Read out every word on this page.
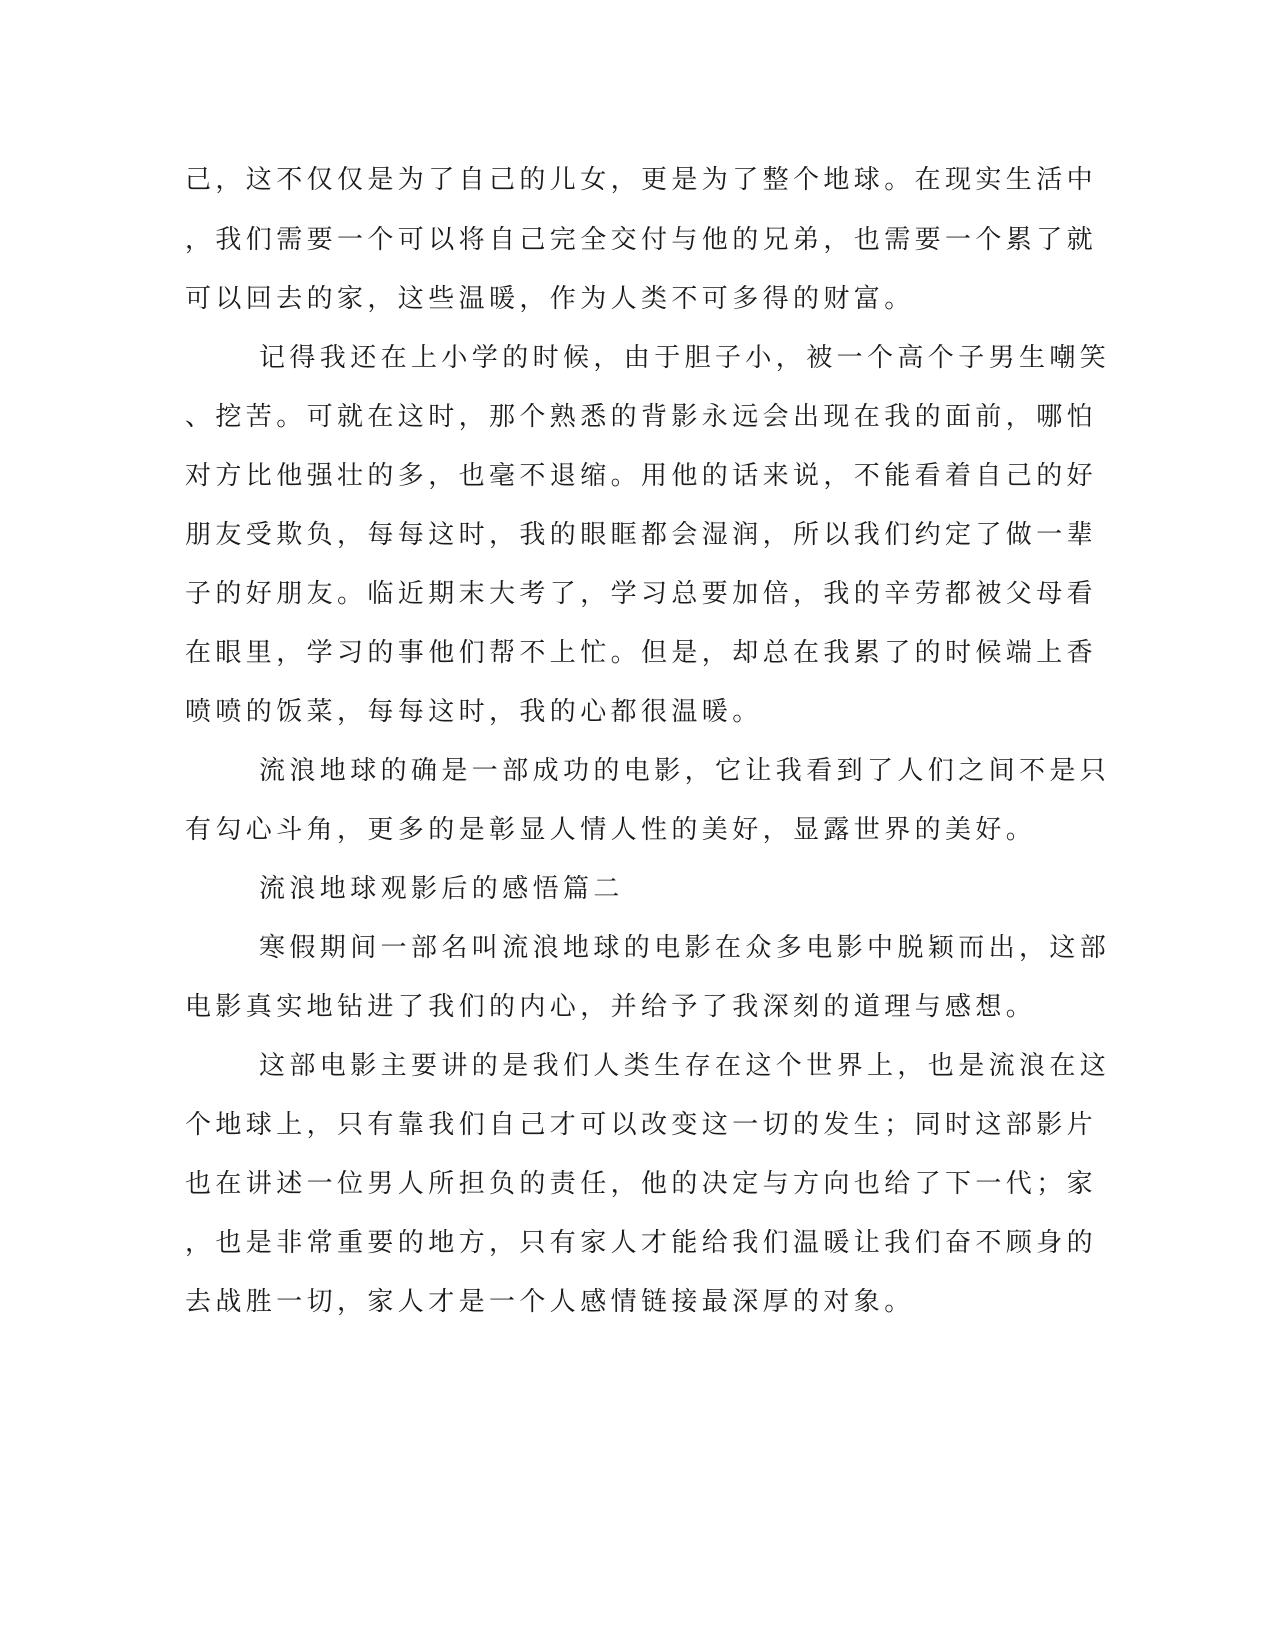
己，这不仅仅是为了自己的儿女，更是为了整个地球。在现实生活中

，我们需要一个可以将自己完全交付与他的兄弟，也需要一个累了就

可以回去的家，这些温暖，作为人类不可多得的财富。

记得我还在上小学的时候，由于胆子小，被一个高个子男生嘲笑

、挖苦。可就在这时，那个熟悉的背影永远会出现在我的面前，哪怕

对方比他强壮的多，也毫不退缩。用他的话来说，不能看着自己的好

朋友受欺负，每每这时，我的眼眶都会湿润，所以我们约定了做一辈

子的好朋友。临近期末大考了，学习总要加倍，我的辛劳都被父母看

在眼里，学习的事他们帮不上忙。但是，却总在我累了的时候端上香

喷喷的饭菜，每每这时，我的心都很温暖。

流浪地球的确是一部成功的电影，它让我看到了人们之间不是只

有勾心斗角，更多的是彰显人情人性的美好，显露世界的美好。

流浪地球观影后的感悟篇二

寒假期间一部名叫流浪地球的电影在众多电影中脱颖而出，这部

电影真实地钻进了我们的内心，并给予了我深刻的道理与感想。

这部电影主要讲的是我们人类生存在这个世界上，也是流浪在这

个地球上，只有靠我们自己才可以改变这一切的发生；同时这部影片

也在讲述一位男人所担负的责任，他的决定与方向也给了下一代；家

，也是非常重要的地方，只有家人才能给我们温暖让我们奋不顾身的

去战胜一切，家人才是一个人感情链接最深厚的对象。
